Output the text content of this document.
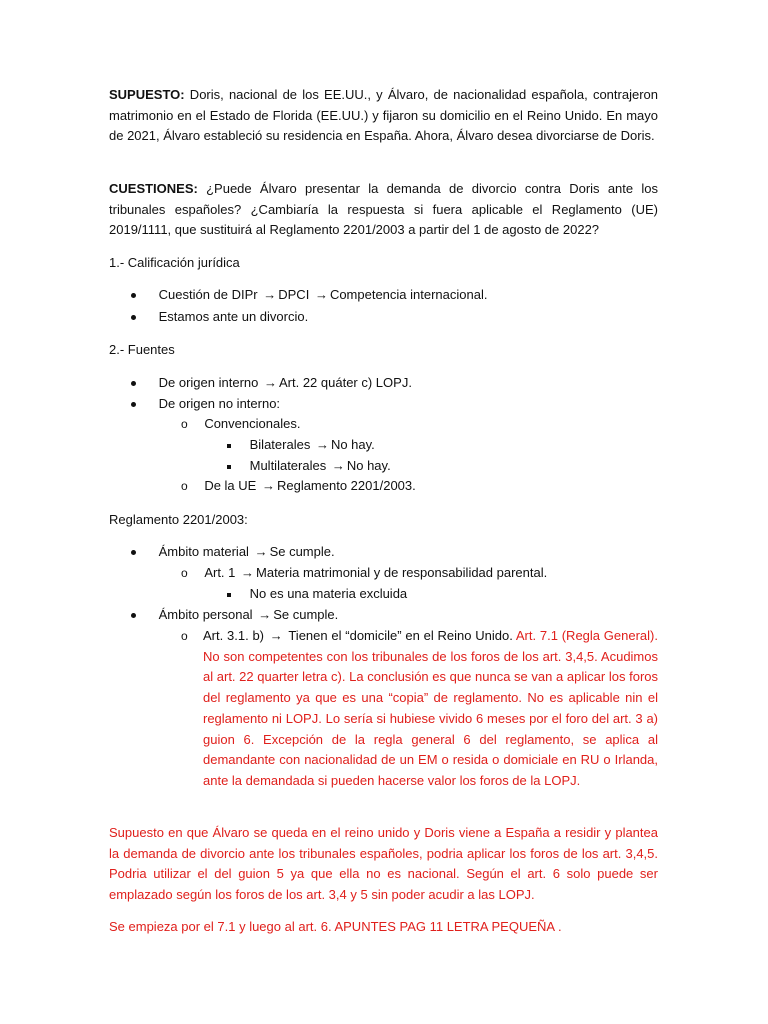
SUPUESTO: Doris, nacional de los EE.UU., y Álvaro, de nacionalidad española, contrajeron matrimonio en el Estado de Florida (EE.UU.) y fijaron su domicilio en el Reino Unido. En mayo de 2021, Álvaro estableció su residencia en España. Ahora, Álvaro desea divorciarse de Doris.
CUESTIONES: ¿Puede Álvaro presentar la demanda de divorcio contra Doris ante los tribunales españoles? ¿Cambiaría la respuesta si fuera aplicable el Reglamento (UE) 2019/1111, que sustituirá al Reglamento 2201/2003 a partir del 1 de agosto de 2022?
1.- Calificación jurídica
Cuestión de DIPr → DPCI → Competencia internacional.
Estamos ante un divorcio.
2.- Fuentes
De origen interno → Art. 22 quáter c) LOPJ.
De origen no interno:
o Convencionales.
Bilaterales → No hay.
Multilaterales → No hay.
o De la UE → Reglamento 2201/2003.
Reglamento 2201/2003:
Ámbito material → Se cumple.
o Art. 1 → Materia matrimonial y de responsabilidad parental.
No es una materia excluida
Ámbito personal → Se cumple.
o Art. 3.1. b) → Tienen el “domicile” en el Reino Unido. Art. 7.1 (Regla General). No son competentes con los tribunales de los foros de los art. 3,4,5. Acudimos al art. 22 quarter letra c). La conclusión es que nunca se van a aplicar los foros del reglamento ya que es una “copia” de reglamento. No es aplicable nin el reglamento ni LOPJ. Lo sería si hubiese vivido 6 meses por el foro del art. 3 a) guion 6. Excepción de la regla general 6 del reglamento, se aplica al demandante con nacionalidad de un EM o resida o domiciale en RU o Irlanda, ante la demandada si pueden hacerse valor los foros de la LOPJ.
Supuesto en que Álvaro se queda en el reino unido y Doris viene a España a residir y plantea la demanda de divorcio ante los tribunales españoles, podria aplicar los foros de los art. 3,4,5. Podria utilizar el del guion 5 ya que ella no es nacional. Según el art. 6 solo puede ser emplazado según los foros de los art. 3,4 y 5 sin poder acudir a las LOPJ.
Se empieza por el 7.1 y luego al art. 6. APUNTES PAG 11 LETRA PEQUEÑA .
